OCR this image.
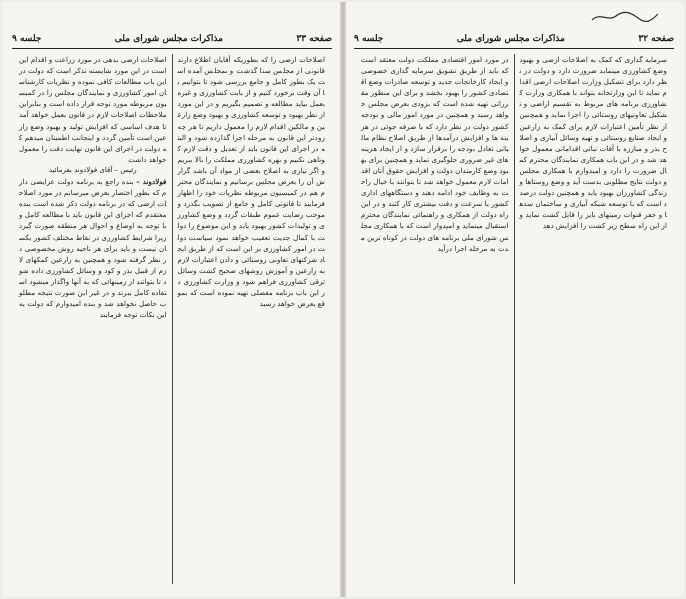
صفحه ۳۳
مذاکرات مجلس شورای ملی
جلسه ۹
اصلاحات ارضی را که بطوریکه آقایان اطلاع دارند قانونی از مجلس سنا گذشت و بمجلس آمده است یک بطور کامل و جامع بررسی شود تا بتوانیم با آن وقت برخورد کنیم و از بابت کشاورزی و غیره بعمل بیاید مطالعه و تصمیم بگیریم و در این مورد از نظر بهبود و توسعه کشاورزی و بهبود وضع زارعین و مالکین اقدام لازم را معمول داریم تا هر چه زودتر این قانون به مرحله اجرا گذارده شود و البته در اجرای این قانون باید از تعدیل و دقت لازم کوتاهی نکنیم و بهره کشاورزی مملکت را بالا ببریم و اگر نیازی به اصلاح بعضی از مواد آن باشد گزارش آن را بعرض مجلس برسانیم و نمایندگان محترم هم در کمیسیون مربوطه نظریات خود را اظهار فرمایند تا قانونی کامل و جامع از تصویب بگذرد و موجب رضایت عموم طبقات گردد و وضع کشاورزی و تولیدات کشور بهبود یابد و این موضوع را دولت با کمال جدیت تعقیب خواهد نمود سیاست دولت در امور کشاورزی بر این است که از طریق ایجاد شرکتهای تعاونی روستائی و دادن اعتبارات لازم به زارعین و آموزش روشهای صحیح کشت وسائل ترقی کشاورزی فراهم شود و وزارت کشاورزی در این باب برنامه مفصلی تهیه نموده است که بموقع بعرض خواهد رسید
اصلاحات ارضی بدهی در مورد زراعت و اقدام این است در این مورد شایسته تذکر است که دولت در این باب مطالعات کافی نموده و نظریات کارشناسان امور کشاورزی و نمایندگان مجلس را در کمیسیون مربوطه مورد توجه قرار داده است و بنابراین ملاحظات اصلاحات لازم در قانون بعمل خواهد آمد تا هدف اساسی که افزایش تولید و بهبود وضع زارعین است تأمین گردد و اینجانب اطمینان میدهم که دولت در اجرای این قانون نهایت دقت را معمول خواهد داشت
رئیس – آقای فولادوند بفرمائید
فولادوند – بنده راجع به برنامه دولت عرایضی دارم که بطور اختصار بعرض میرسانم در مورد اصلاحات ارضی که در برنامه دولت ذکر شده است بنده معتقدم که اجرای این قانون باید با مطالعه کامل و با توجه به اوضاع و احوال هر منطقه صورت گیرد زیرا شرایط کشاورزی در نقاط مختلف کشور یکسان نیست و باید برای هر ناحیه روش مخصوصی در نظر گرفته شود و همچنین به زارعین کمکهای لازم از قبیل بذر و کود و وسائل کشاورزی داده شود تا بتوانند از زمینهائی که به آنها واگذار میشود استفاده کامل ببرند و در غیر این صورت نتیجه مطلوب حاصل نخواهد شد و بنده امیدوارم که دولت به این نکات توجه فرمایند
صفحه ۳۲
مذاکرات مجلس شورای ملی
جلسه ۹
سرمایه گذاری که کمک به اصلاحات ارضی و بهبود وضع کشاورزی مینماید ضرورت دارد و دولت در نظر دارد برای تشکیل وزارت اصلاحات ارضی اقدام نماید تا این وزارتخانه بتواند با همکاری وزارت کشاورزی برنامه های مربوط به تقسیم اراضی و تشکیل تعاونیهای روستائی را اجرا نماید و همچنین از نظر تأمین اعتبارات لازم برای کمک به زارعین و ایجاد صنایع روستائی و تهیه وسائل آبیاری و اصلاح بذر و مبارزه با آفات نباتی اقداماتی معمول خواهد شد و در این باب همکاری نمایندگان محترم کمال ضرورت را دارد و امیدوارم با همکاری مجلس و دولت نتایج مطلوبی بدست آید و وضع روستاها و زندگی کشاورزان بهبود یابد و همچنین دولت درصدد است که با توسعه شبکه آبیاری و ساختمان سدها و حفر قنوات زمینهای بایر را قابل کشت نماید و از این راه سطح زیر کشت را افزایش دهد
در مورد امور اقتصادی مملکت دولت معتقد است که باید از طریق تشویق سرمایه گذاری خصوصی و ایجاد کارخانجات جدید و توسعه صادرات وضع اقتصادی کشور را بهبود بخشد و برای این منظور مقرراتی تهیه شده است که بزودی بعرض مجلس خواهد رسید و همچنین در مورد امور مالی و بودجه کشور دولت در نظر دارد که با صرفه جوئی در هزینه ها و افزایش درآمدها از طریق اصلاح نظام مالیاتی تعادل بودجه را برقرار سازد و از ایجاد هزینه های غیر ضروری جلوگیری نماید و همچنین برای بهبود وضع کارمندان دولت و افزایش حقوق آنان اقدامات لازم معمول خواهد شد تا بتوانند با خیال راحت به وظایف خود ادامه دهند و دستگاههای اداری کشور با سرعت و دقت بیشتری کار کنند و در این راه دولت از همکاری و راهنمائی نمایندگان محترم استقبال مینماید و امیدوار است که با همکاری مجلس شورای ملی برنامه های دولت در کوتاه ترین مدت به مرحله اجرا درآید
